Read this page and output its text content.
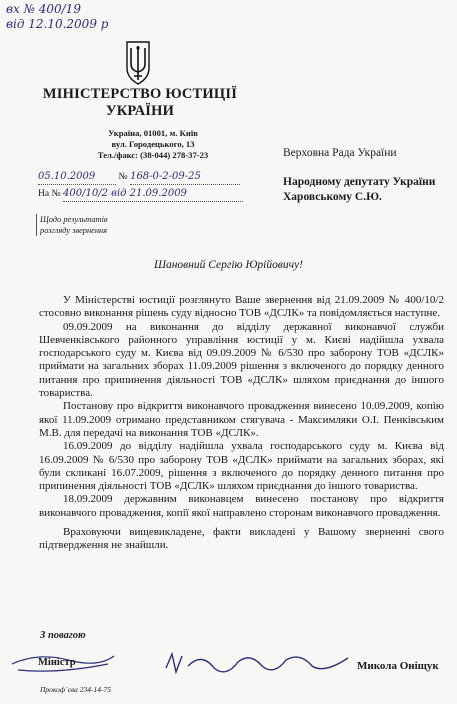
вх № 400/19
від 12.10.2009 р
МІНІСТЕРСТВО ЮСТИЦІЇ
УКРАЇНИ
Україна, 01001, м. Київ
вул. Городецького, 13
Тел./факс: (38-044) 278-37-23
05.10.2009 № 168-0-2-09-25
На № 400/10/2 від 21.09.2009
Щодо результатів
розгляду звернення
Верховна Рада України
Народному депутату України
Харовському С.Ю.
Шановний Сергію Юрійовичу!

У Міністерстві юстиції розглянуто Ваше звернення від 21.09.2009 № 400/10/2 стосовно виконання рішень суду відносно ТОВ «ДСЛК» та повідомляється наступне.

09.09.2009 на виконання до відділу державної виконавчої служби Шевченківського районного управління юстиції у м. Києві надійшла ухвала господарського суду м. Києва від 09.09.2009 № 6/530 про заборону ТОВ «ДСЛК» приймати на загальних зборах 11.09.2009 рішення з включеного до порядку денного питання про припинення діяльності ТОВ «ДСЛК» шляхом приєднання до іншого товариства.

Постанову про відкриття виконавчого провадження винесено 10.09.2009, копію якої 11.09.2009 отримано представником стягувача - Максимляки О.І. Пенківським М.В. для передачі на виконання ТОВ «ДСЛК».

16.09.2009 до відділу надійшла ухвала господарського суду м. Києва від 16.09.2009 № 6/530 про заборону ТОВ «ДСЛК» приймати на загальних зборах, які були скликані 16.07.2009, рішення з включеного до порядку денного питання про припинення діяльності ТОВ «ДСЛК» шляхом приєднання до іншого товариства.

18.09.2009 державним виконавцем винесено постанову про відкриття виконавчого провадження, копії якої направлено сторонам виконавчого провадження.

Враховуючи вищевикладене, факти викладені у Вашому зверненні свого підтвердження не знайшли.

З повагою
Міністр	Микола Оніщук
Прокоф`єва 234-14-75
